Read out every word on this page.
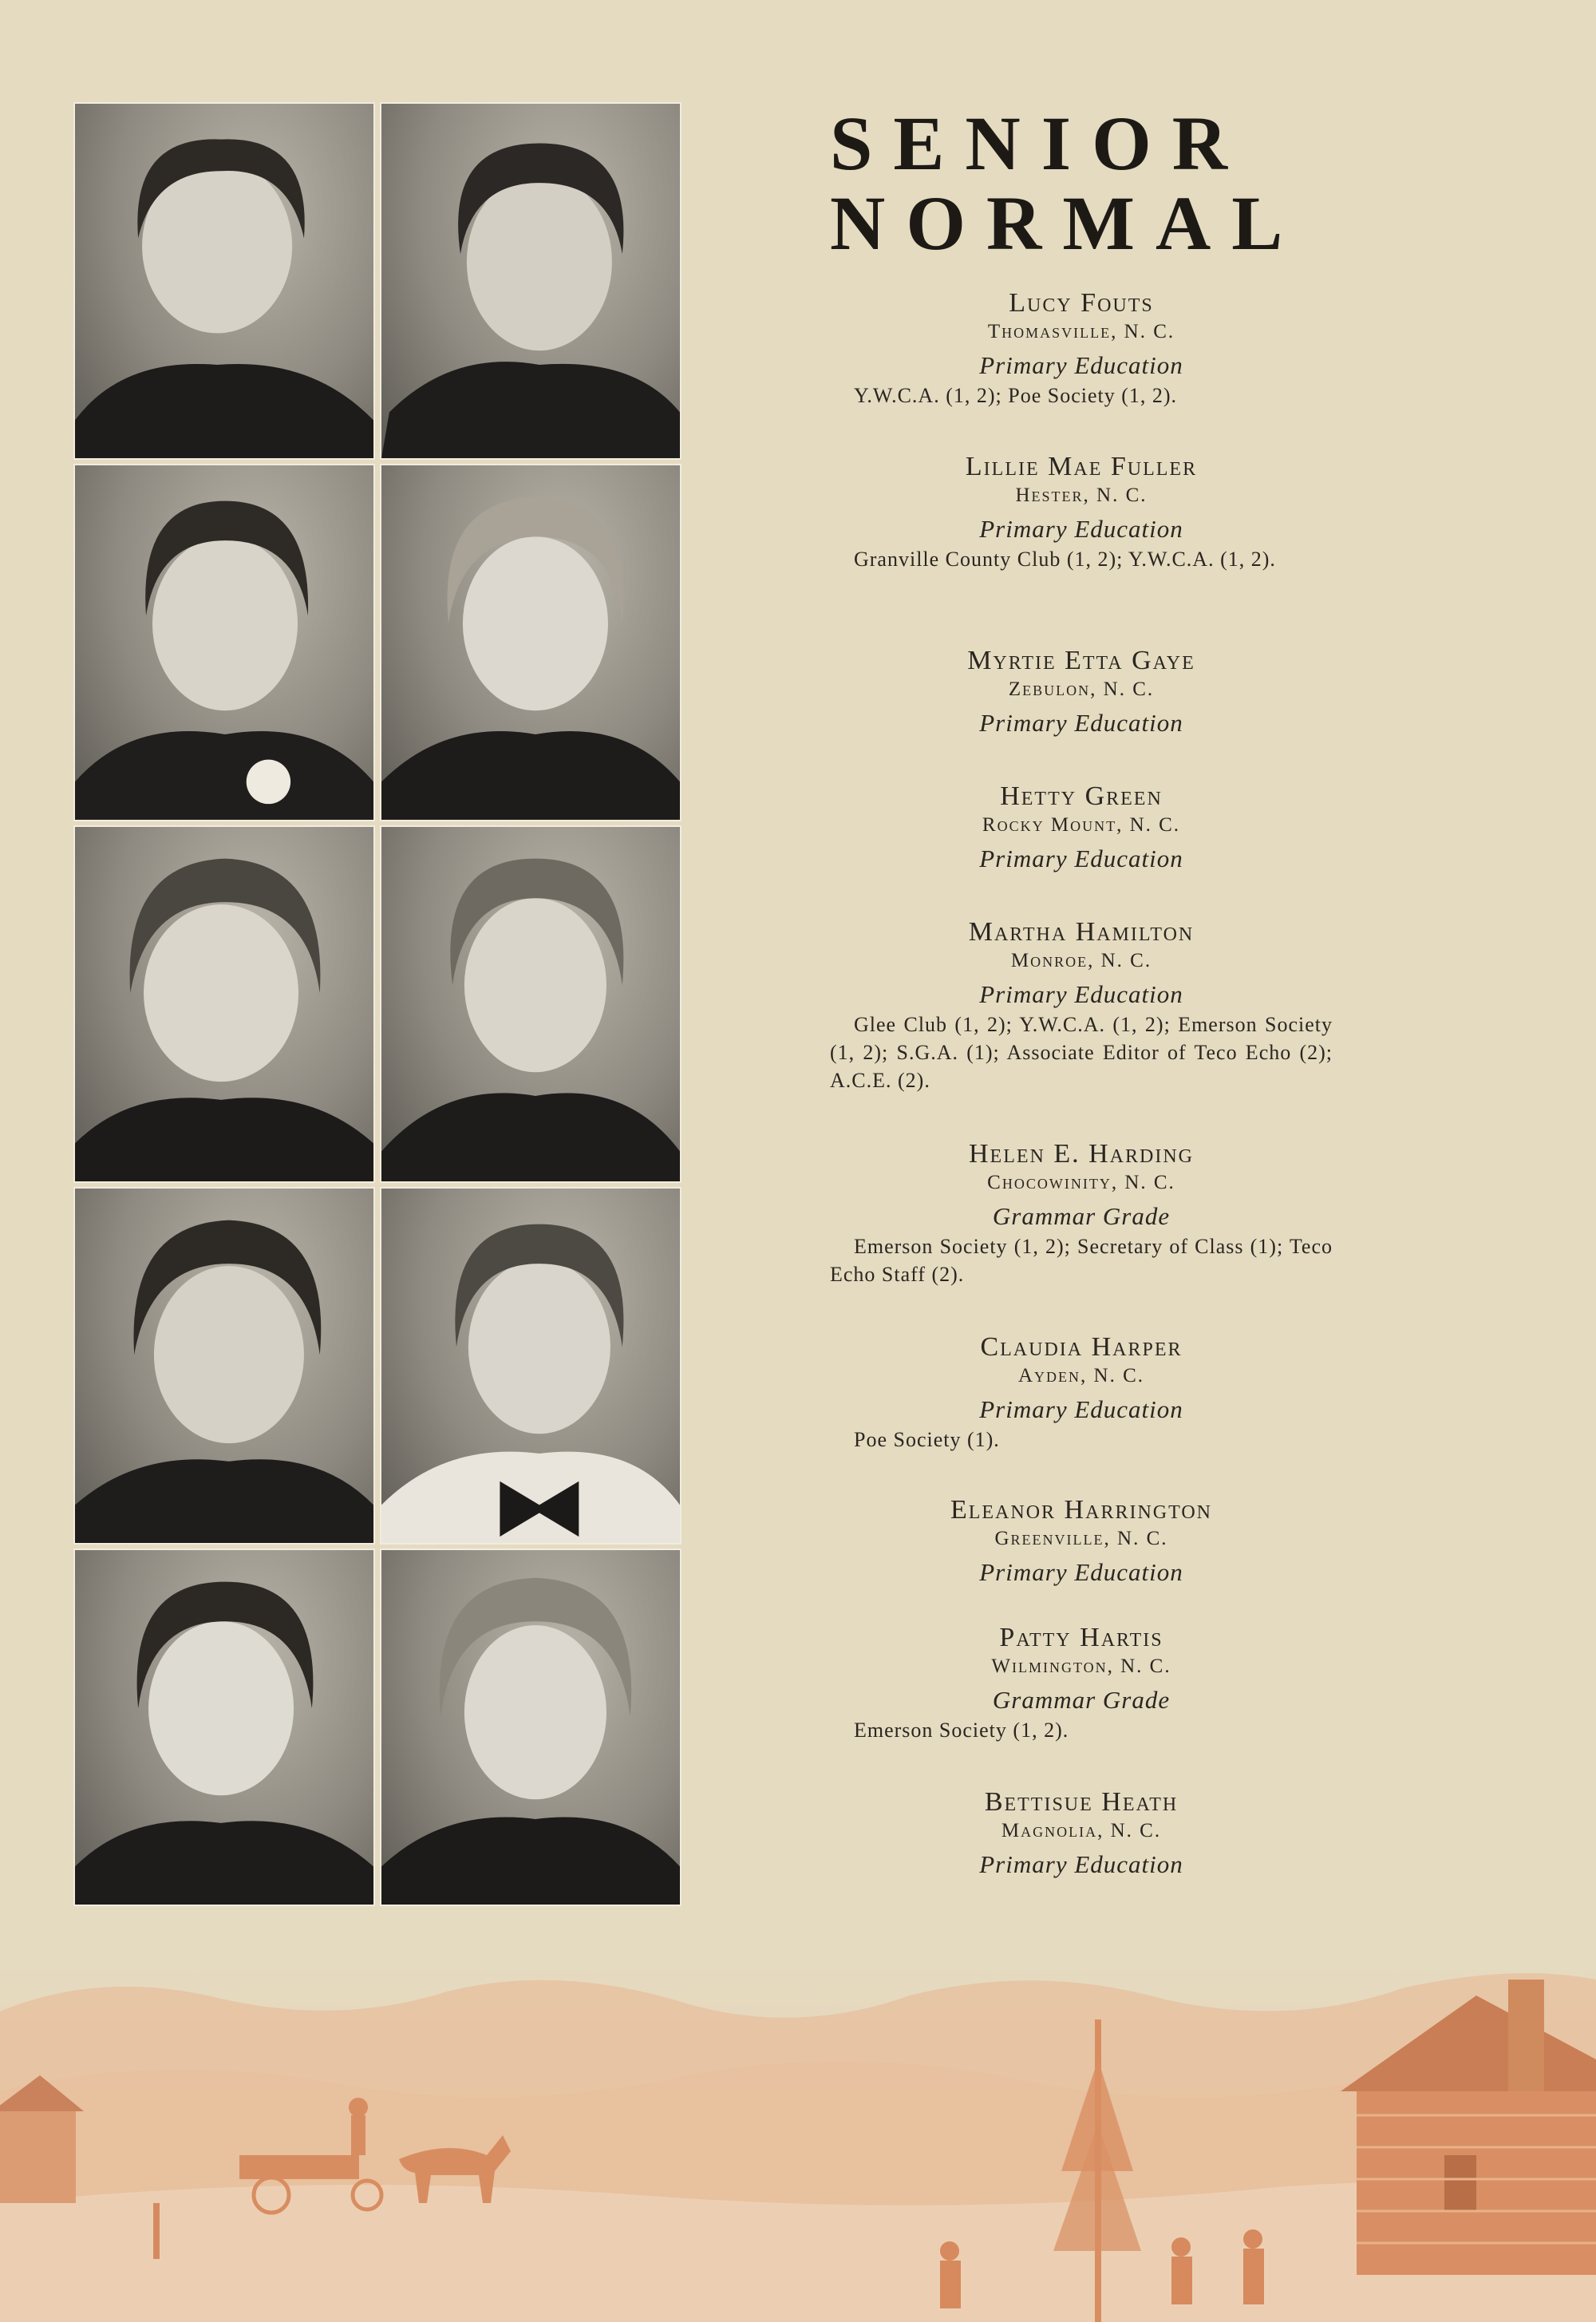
SENIOR
NORMAL
Lucy Fouts
Thomasville, N. C.
Primary Education
Y.W.C.A. (1, 2); Poe Society (1, 2).
Lillie Mae Fuller
Hester, N. C.
Primary Education
Granville County Club (1, 2); Y.W.C.A. (1, 2).
Myrtie Etta Gaye
Zebulon, N. C.
Primary Education
Hetty Green
Rocky Mount, N. C.
Primary Education
Martha Hamilton
Monroe, N. C.
Primary Education
Glee Club (1, 2); Y.W.C.A. (1, 2); Emerson Society (1, 2); S.G.A. (1); Associate Editor of Teco Echo (2); A.C.E. (2).
Helen E. Harding
Chocowinity, N. C.
Grammar Grade
Emerson Society (1, 2); Secretary of Class (1); Teco Echo Staff (2).
Claudia Harper
Ayden, N. C.
Primary Education
Poe Society (1).
Eleanor Harrington
Greenville, N. C.
Primary Education
Patty Hartis
Wilmington, N. C.
Grammar Grade
Emerson Society (1, 2).
Bettisue Heath
Magnolia, N. C.
Primary Education
